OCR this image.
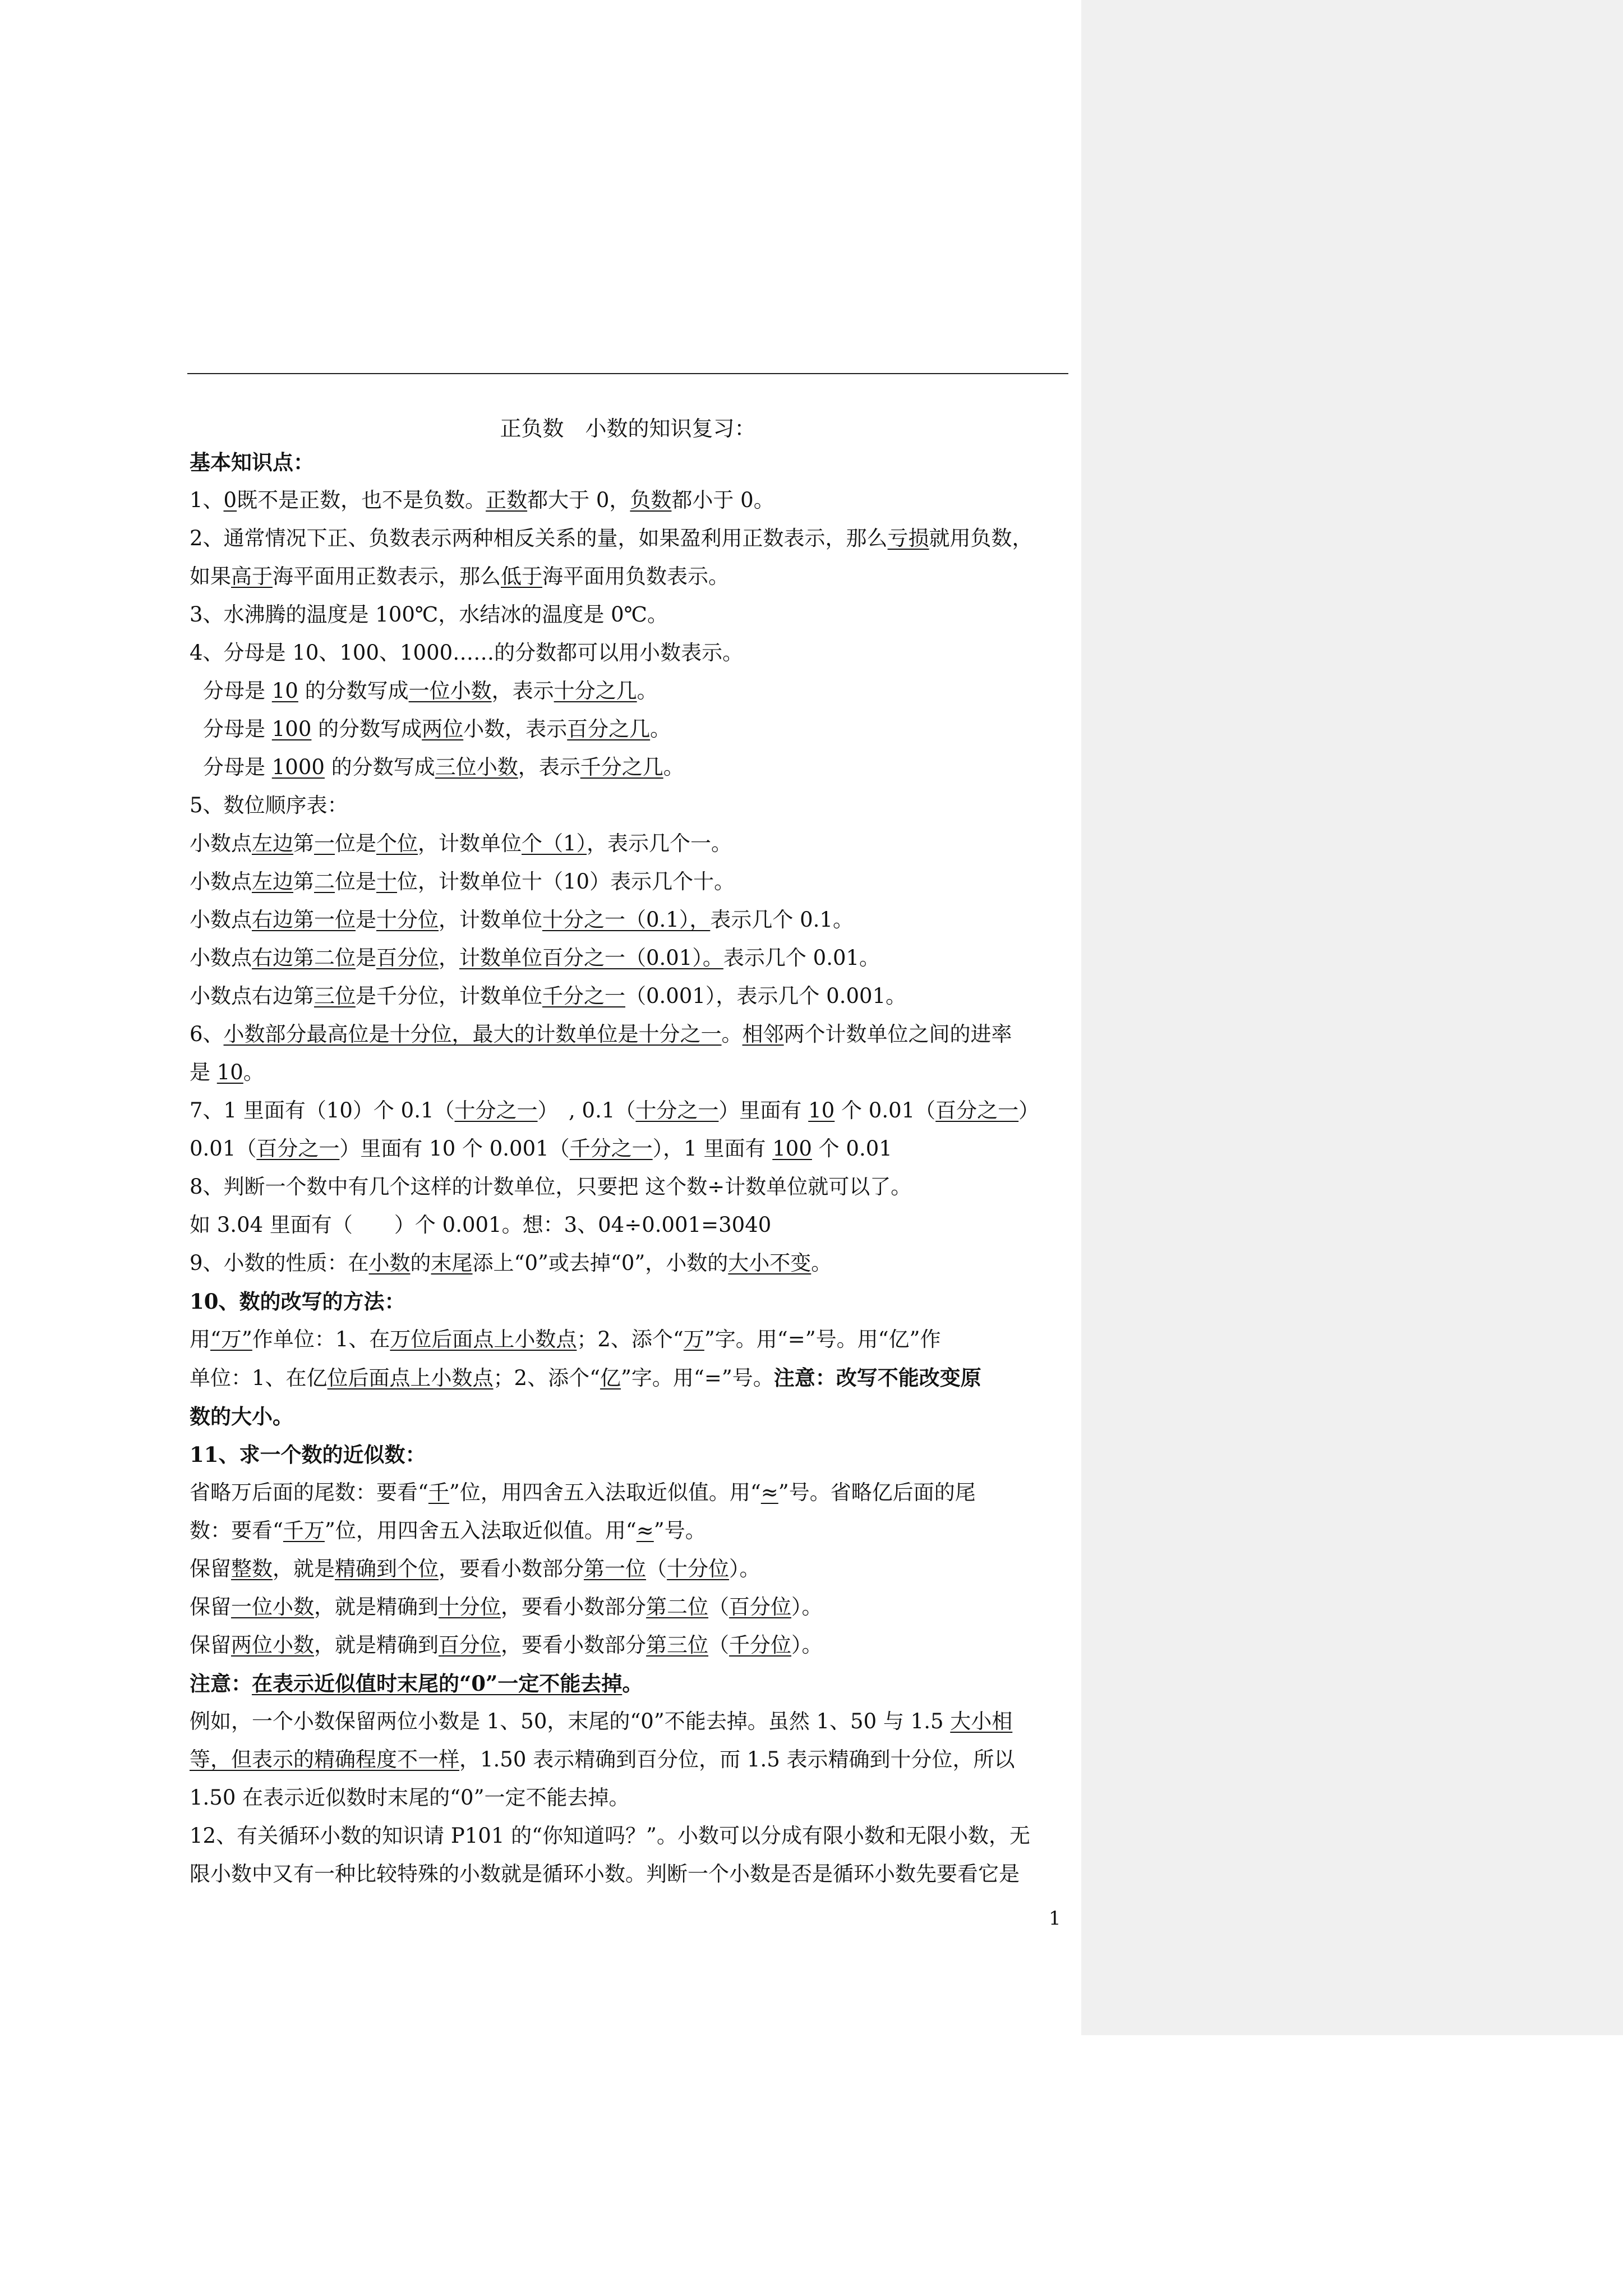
正负数　小数的知识复习：

基本知识点：

1、0既不是正数，也不是负数。正数都大于 0，负数都小于 0。

2、通常情况下正、负数表示两种相反关系的量，如果盈利用正数表示，那么亏损就用负数，

如果高于海平面用正数表示，那么低于海平面用负数表示。

3、水沸腾的温度是 100℃，水结冰的温度是 0℃。

4、分母是 10、100、1000……的分数都可以用小数表示。

分母是 10 的分数写成一位小数，表示十分之几。

分母是 100 的分数写成两位小数，表示百分之几。

分母是 1000 的分数写成三位小数，表示千分之几。

5、数位顺序表：

小数点左边第一位是个位，计数单位个（1），表示几个一。

小数点左边第二位是十位，计数单位十（10）表示几个十。

小数点右边第一位是十分位，计数单位十分之一（0.1），表示几个 0.1。

小数点右边第二位是百分位，计数单位百分之一（0.01）。表示几个 0.01。

小数点右边第三位是千分位，计数单位千分之一（0.001），表示几个 0.001。

6、小数部分最高位是十分位，最大的计数单位是十分之一。相邻两个计数单位之间的进率

是 10。

7、1 里面有（10）个 0.1（十分之一）　, 0.1（十分之一）里面有 10 个 0.01（百分之一）

0.01（百分之一）里面有 10 个 0.001（千分之一），1 里面有 100 个 0.01

8、判断一个数中有几个这样的计数单位，只要把 这个数÷计数单位就可以了。

如 3.04 里面有（　　）个 0.001。想：3、04÷0.001=3040

9、小数的性质：在小数的末尾添上“0”或去掉“0”，小数的大小不变。

10、数的改写的方法：

用“万”作单位：1、在万位后面点上小数点；2、添个“万”字。用“=”号。用“亿”作

单位：1、在亿位后面点上小数点；2、添个“亿”字。用“=”号。注意：改写不能改变原

数的大小。

11、求一个数的近似数：

省略万后面的尾数：要看“千”位，用四舍五入法取近似值。用“≈”号。省略亿后面的尾

数：要看“千万”位，用四舍五入法取近似值。用“≈”号。

保留整数，就是精确到个位，要看小数部分第一位（十分位）。

保留一位小数，就是精确到十分位，要看小数部分第二位（百分位）。

保留两位小数，就是精确到百分位，要看小数部分第三位（千分位）。

注意：在表示近似值时末尾的“0”一定不能去掉。

例如，一个小数保留两位小数是 1、50，末尾的“0”不能去掉。虽然 1、50 与 1.5 大小相

等，但表示的精确程度不一样，1.50 表示精确到百分位，而 1.5 表示精确到十分位，所以

1.50 在表示近似数时末尾的“0”一定不能去掉。

12、有关循环小数的知识请 P101 的“你知道吗？”。小数可以分成有限小数和无限小数，无

限小数中又有一种比较特殊的小数就是循环小数。判断一个小数是否是循环小数先要看它是

1
